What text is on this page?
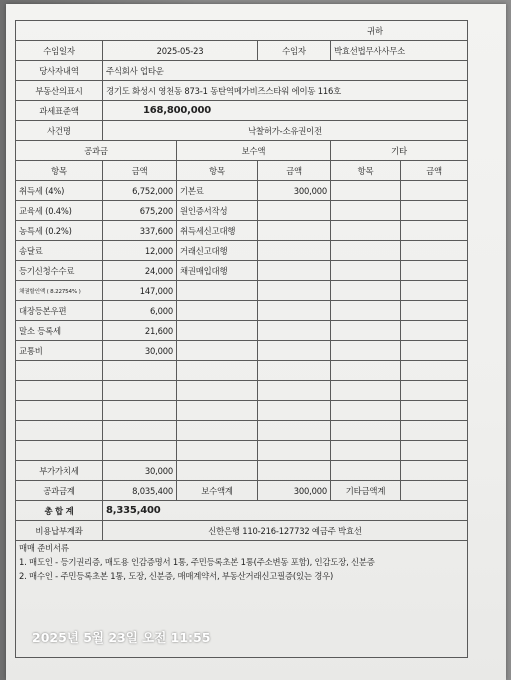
귀하					
수임일자	2025-05-23		수임자	박효선법무사사무소	
당사자내역	주식회사 업타운				
부동산의표시	경기도 화성시 영천동 873-1 동탄역메가비즈스타워 에이동 116호				
과세표준액	168,800,000				
사건명	낙찰허가-소유권이전				
공과금		보수액		기타	
항목	금액	항목	금액	항목	금액
취득세 (4%)	6,752,000	기본료	300,000		
교육세 (0.4%)	675,200	원인증서작성			
농특세 (0.2%)	337,600	취득세신고대행			
송달료	12,000	거래신고대행			
등기신청수수료	24,000	채권매입대행			
채권할인액 ( 8.22754% )	147,000				
대장등본우편	6,000				
말소 등록세	21,600				
교통비	30,000				

부가가치세	30,000				
공과금계	8,035,400	보수액계	300,000	기타금액계	
총 합 계	8,335,400				
비용납부계좌	신한은행 110-216-127732 예금주 박효선				

매매 준비서류
1. 매도인 - 등기권리증, 매도용 인감증명서 1통, 주민등록초본 1통(주소변동 포함), 인감도장, 신분증
2. 매수인 - 주민등록초본 1통, 도장, 신분증, 매매계약서, 부동산거래신고필증(있는 경우)					
2025년 5월 23일 오전 11:55
